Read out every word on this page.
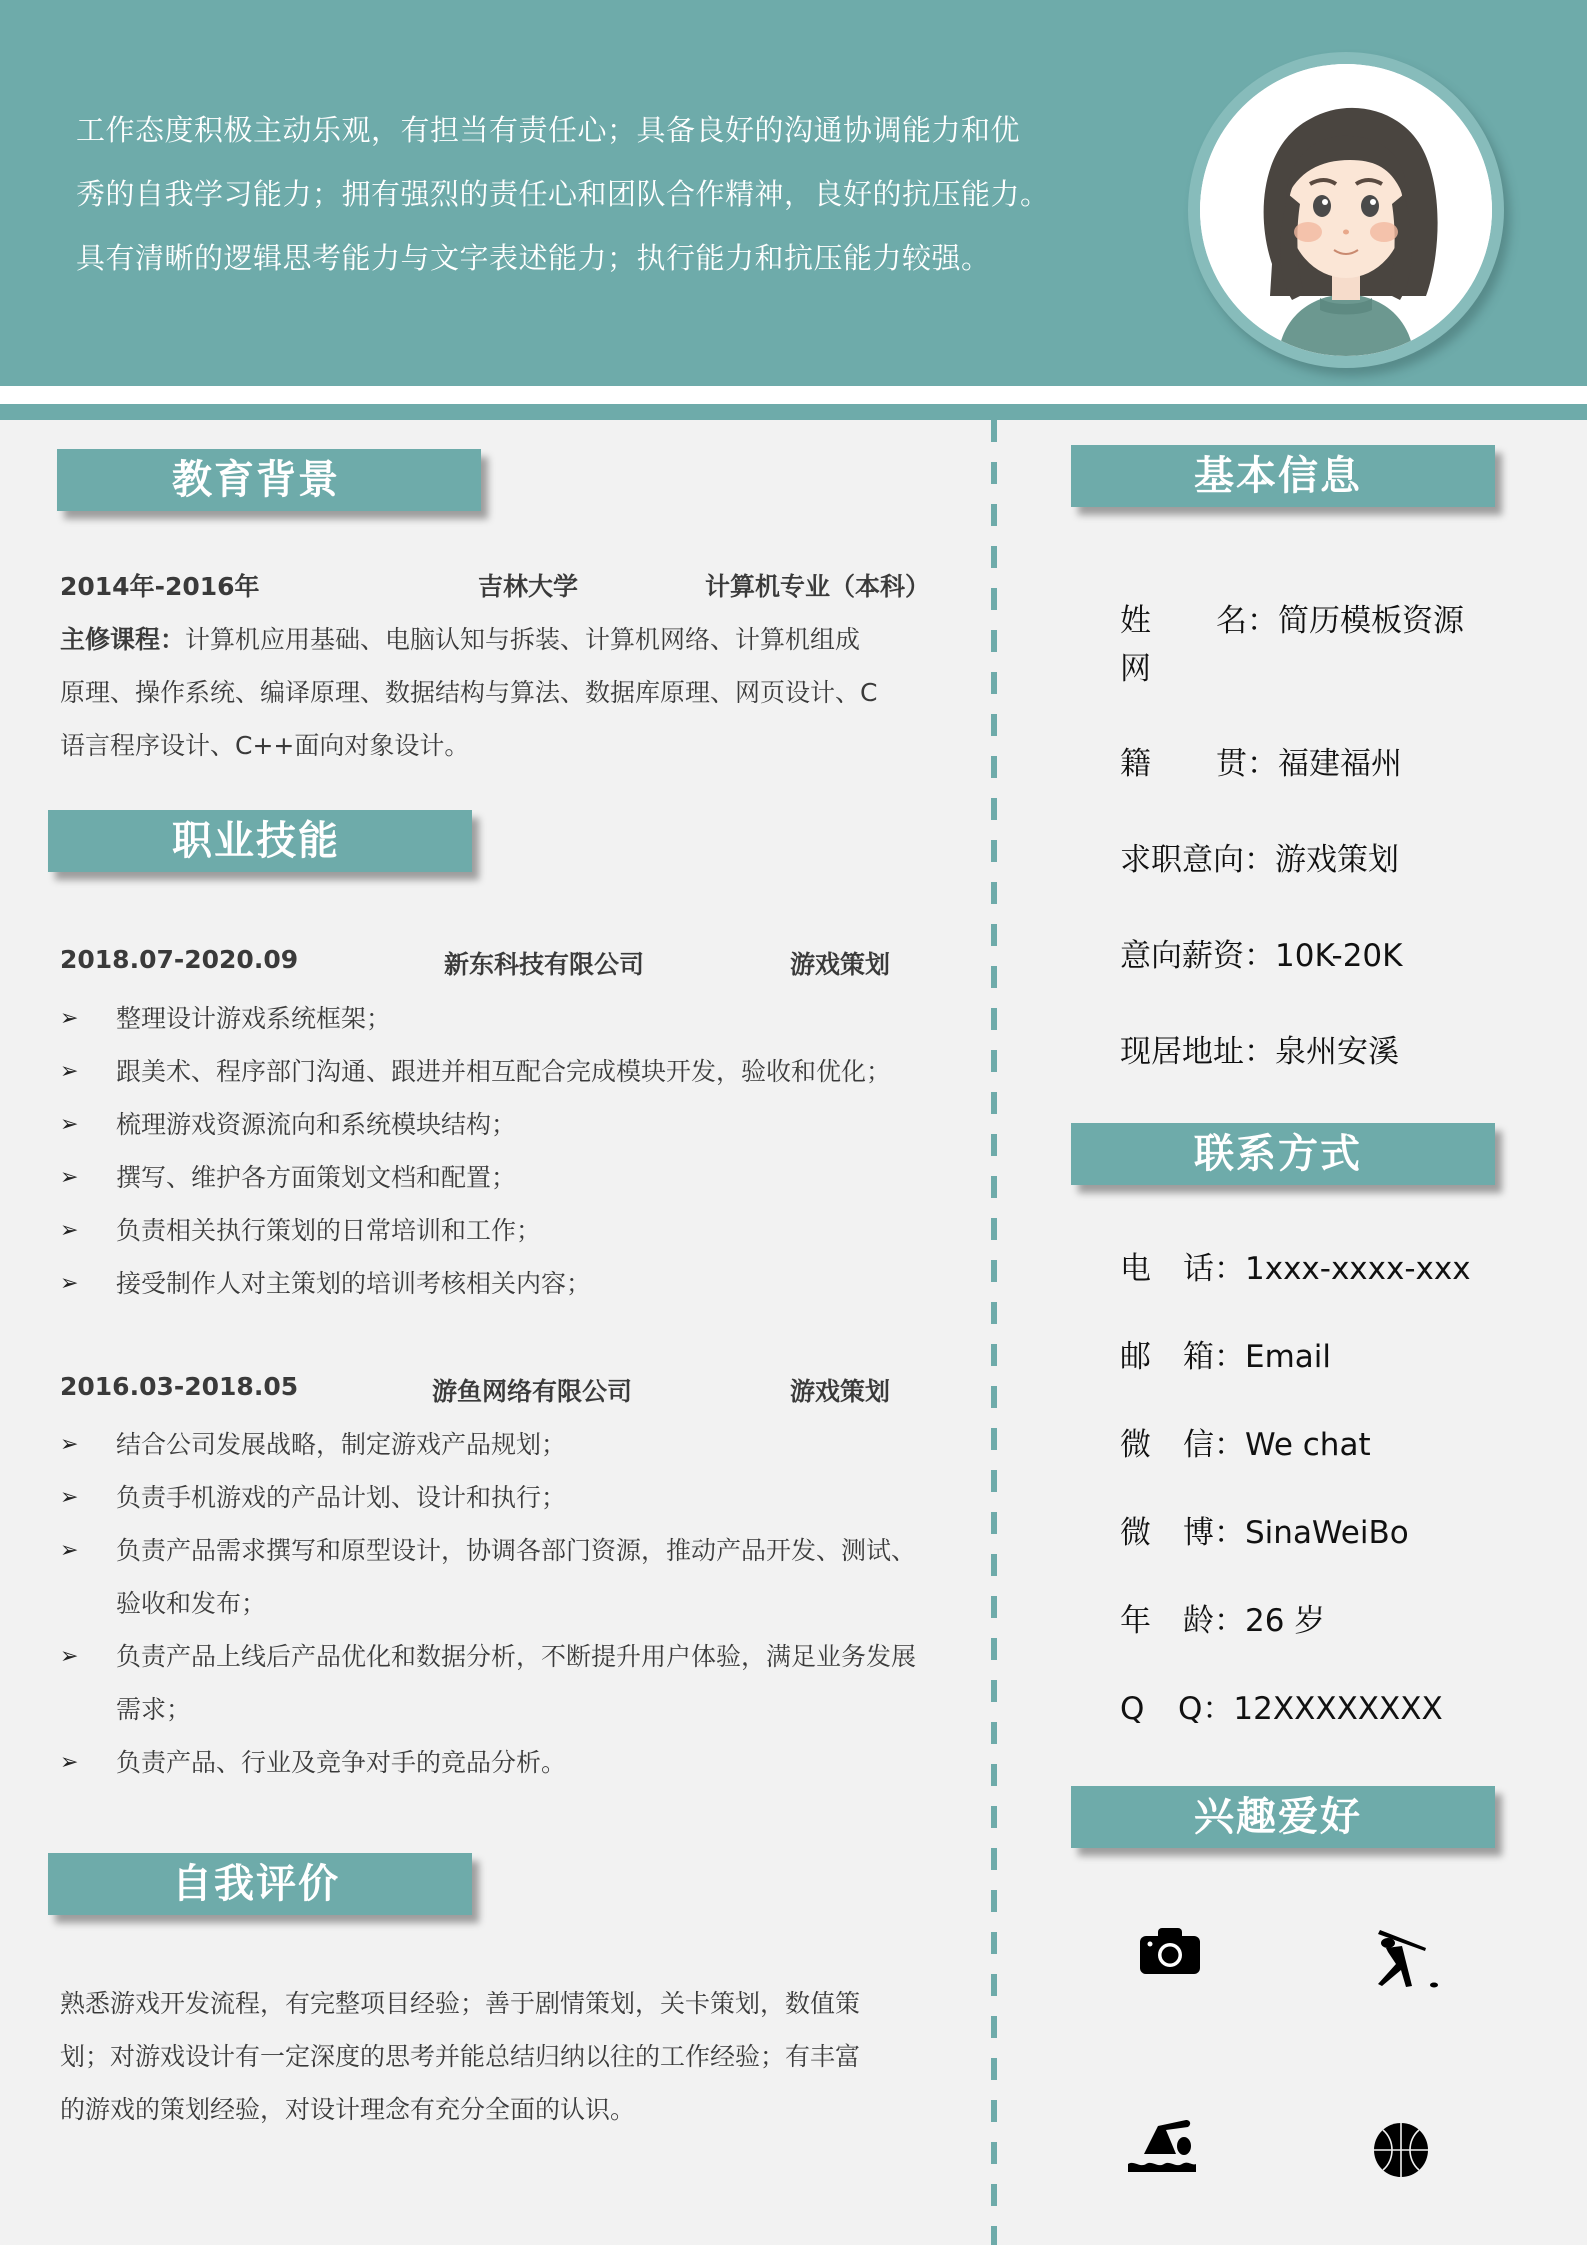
工作态度积极主动乐观，有担当有责任心；具备良好的沟通协调能力和优

秀的自我学习能力；拥有强烈的责任心和团队合作精神，良好的抗压能力。

具有清晰的逻辑思考能力与文字表述能力；执行能力和抗压能力较强。

教育背景
2014年-2016年	吉林大学	计算机专业（本科）
主修课程：计算机应用基础、电脑认知与拆装、计算机网络、计算机组成
原理、操作系统、编译原理、数据结构与算法、数据库原理、网页设计、C
语言程序设计、C++面向对象设计。
职业技能
2018.07-2020.09	新东科技有限公司	游戏策划
➢ 整理设计游戏系统框架；
➢ 跟美术、程序部门沟通、跟进并相互配合完成模块开发，验收和优化；
➢ 梳理游戏资源流向和系统模块结构；
➢ 撰写、维护各方面策划文档和配置；
➢ 负责相关执行策划的日常培训和工作；
➢ 接受制作人对主策划的培训考核相关内容；
2016.03-2018.05	游鱼网络有限公司	游戏策划
➢ 结合公司发展战略，制定游戏产品规划；
➢ 负责手机游戏的产品计划、设计和执行；
➢ 负责产品需求撰写和原型设计，协调各部门资源，推动产品开发、测试、验收和发布；
➢ 负责产品上线后产品优化和数据分析，不断提升用户体验，满足业务发展需求；
➢ 负责产品、行业及竞争对手的竞品分析。
自我评价
熟悉游戏开发流程，有完整项目经验；善于剧情策划，关卡策划，数值策
划；对游戏设计有一定深度的思考并能总结归纳以往的工作经验；有丰富
的游戏的策划经验，对设计理念有充分全面的认识。
基本信息
姓 名：简历模板资源
网
籍 贯：福建福州
求职意向：游戏策划
意向薪资：10K-20K
现居地址：泉州安溪
联系方式
电 话：1xxx-xxxx-xxx
邮 箱：Email
微 信：We chat
微 博：SinaWeiBo
年 龄：26 岁
Q Q：12XXXXXXXX
兴趣爱好
